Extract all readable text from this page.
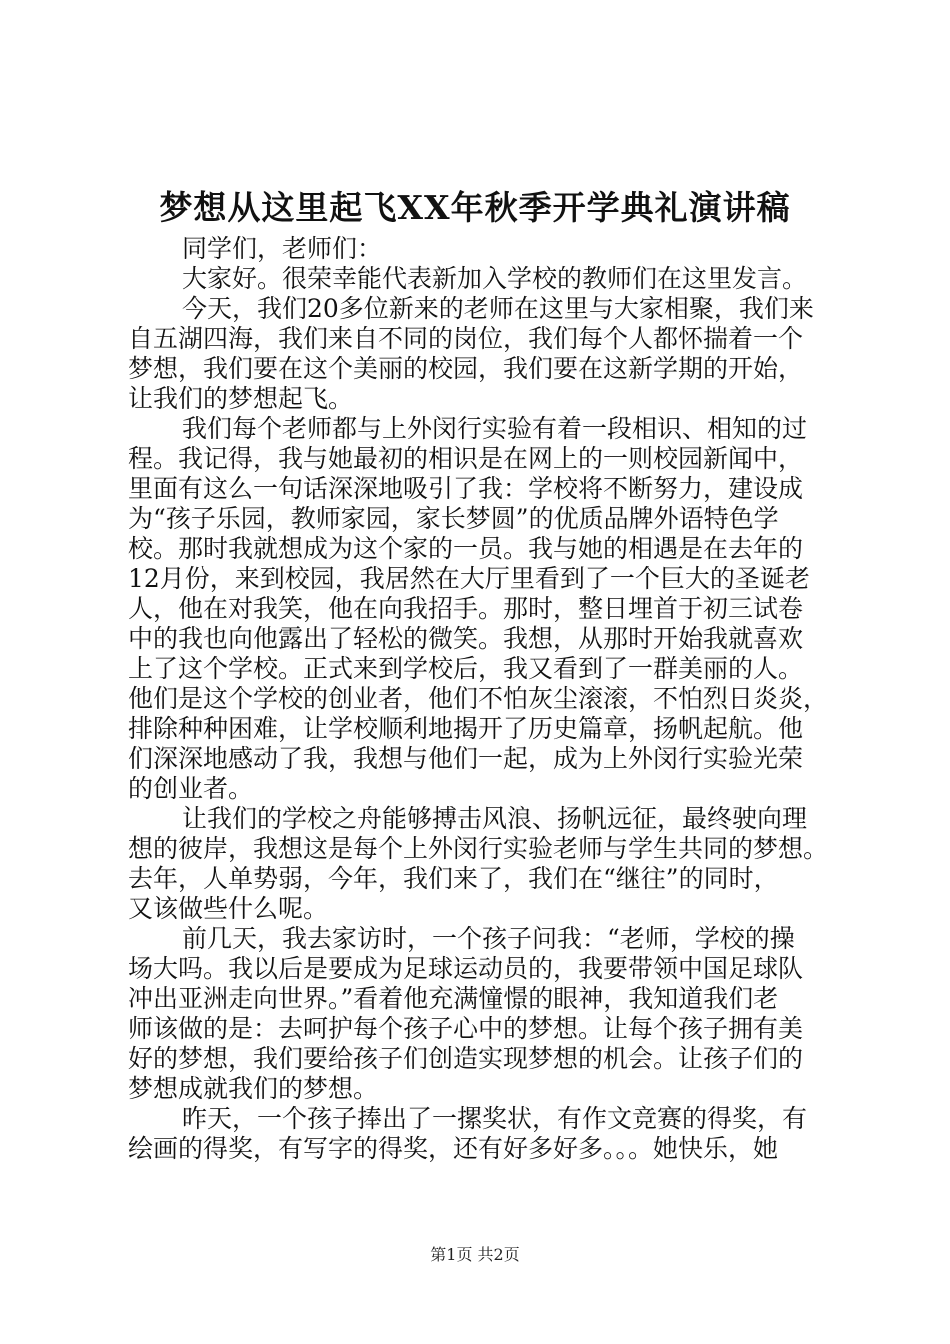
梦想从这里起飞XX年秋季开学典礼演讲稿
同学们，老师们：
大家好。很荣幸能代表新加入学校的教师们在这里发言。
今天，我们20多位新来的老师在这里与大家相聚，我们来
自五湖四海，我们来自不同的岗位，我们每个人都怀揣着一个
梦想，我们要在这个美丽的校园，我们要在这新学期的开始，
让我们的梦想起飞。
我们每个老师都与上外闵行实验有着一段相识、相知的过
程。我记得，我与她最初的相识是在网上的一则校园新闻中，
里面有这么一句话深深地吸引了我：学校将不断努力，建设成
为“孩子乐园，教师家园，家长梦圆”的优质品牌外语特色学
校。那时我就想成为这个家的一员。我与她的相遇是在去年的
12月份，来到校园，我居然在大厅里看到了一个巨大的圣诞老
人，他在对我笑，他在向我招手。那时，整日埋首于初三试卷
中的我也向他露出了轻松的微笑。我想，从那时开始我就喜欢
上了这个学校。正式来到学校后，我又看到了一群美丽的人。
他们是这个学校的创业者，他们不怕灰尘滚滚，不怕烈日炎炎，
排除种种困难，让学校顺利地揭开了历史篇章，扬帆起航。他
们深深地感动了我，我想与他们一起，成为上外闵行实验光荣
的创业者。
让我们的学校之舟能够搏击风浪、扬帆远征，最终驶向理
想的彼岸，我想这是每个上外闵行实验老师与学生共同的梦想。
去年，人单势弱，今年，我们来了，我们在“继往”的同时，
又该做些什么呢。
前几天，我去家访时，一个孩子问我：“老师，学校的操
场大吗。我以后是要成为足球运动员的，我要带领中国足球队
冲出亚洲走向世界。”看着他充满憧憬的眼神，我知道我们老
师该做的是：去呵护每个孩子心中的梦想。让每个孩子拥有美
好的梦想，我们要给孩子们创造实现梦想的机会。让孩子们的
梦想成就我们的梦想。
昨天，一个孩子捧出了一摞奖状，有作文竞赛的得奖，有
绘画的得奖，有写字的得奖，还有好多好多。。。她快乐，她
第1页 共2页
